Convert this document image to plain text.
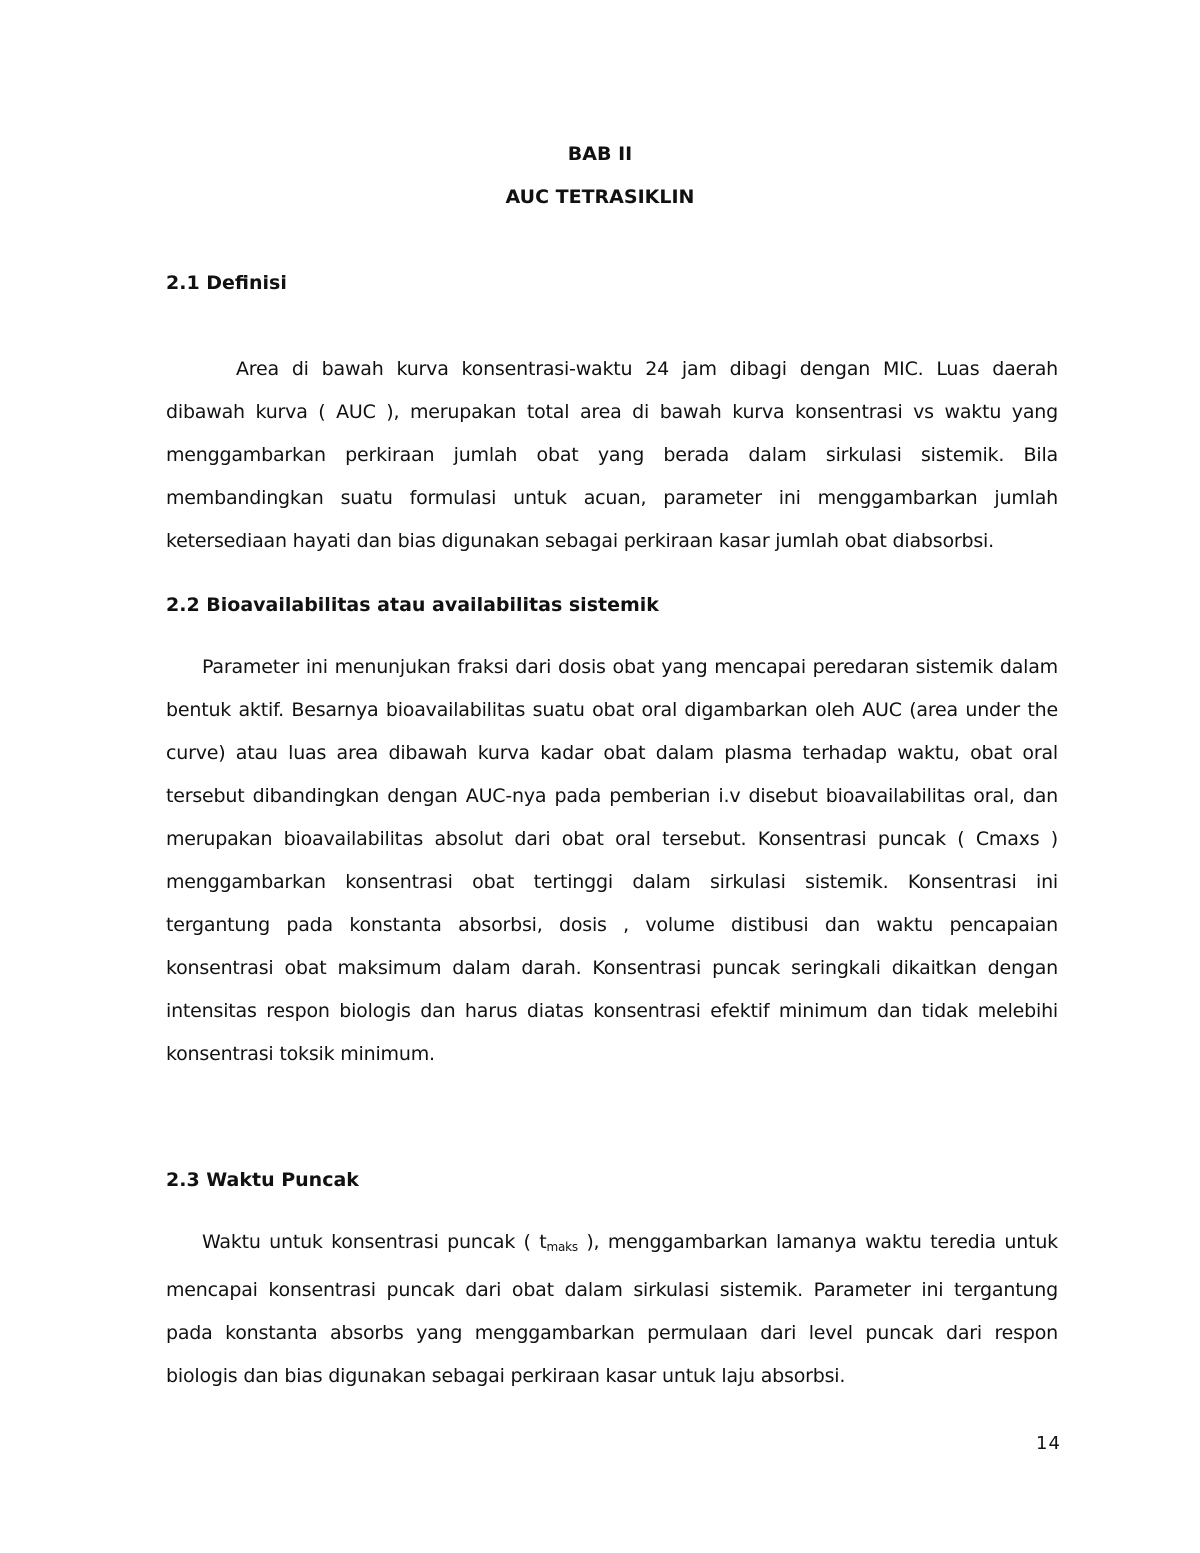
BAB II
AUC TETRASIKLIN
2.1 Definisi

Area di bawah kurva konsentrasi-waktu 24 jam dibagi dengan MIC. Luas daerah dibawah kurva ( AUC ), merupakan total area di bawah kurva konsentrasi vs waktu yang menggambarkan perkiraan jumlah obat yang berada dalam sirkulasi sistemik. Bila membandingkan suatu formulasi untuk acuan, parameter ini menggambarkan jumlah ketersediaan hayati dan bias digunakan sebagai perkiraan kasar jumlah obat diabsorbsi.

2.2 Bioavailabilitas atau availabilitas sistemik

Parameter ini menunjukan fraksi dari dosis obat yang mencapai peredaran sistemik dalam bentuk aktif. Besarnya bioavailabilitas suatu obat oral digambarkan oleh AUC (area under the curve) atau luas area dibawah kurva kadar obat dalam plasma terhadap waktu, obat oral tersebut dibandingkan dengan AUC-nya pada pemberian i.v disebut bioavailabilitas oral, dan merupakan bioavailabilitas absolut dari obat oral tersebut. Konsentrasi puncak ( Cmaxs ) menggambarkan konsentrasi obat tertinggi dalam sirkulasi sistemik. Konsentrasi ini tergantung pada konstanta absorbsi, dosis , volume distibusi dan waktu pencapaian konsentrasi obat maksimum dalam darah. Konsentrasi puncak seringkali dikaitkan dengan intensitas respon biologis dan harus diatas konsentrasi efektif minimum dan tidak melebihi konsentrasi toksik minimum.

2.3 Waktu Puncak

Waktu untuk konsentrasi puncak ( $t_{maks}$ ), menggambarkan lamanya waktu teredia untuk mencapai konsentrasi puncak dari obat dalam sirkulasi sistemik. Parameter ini tergantung pada konstanta absorbs yang menggambarkan permulaan dari level puncak dari respon biologis dan bias digunakan sebagai perkiraan kasar untuk laju absorbsi.

14
